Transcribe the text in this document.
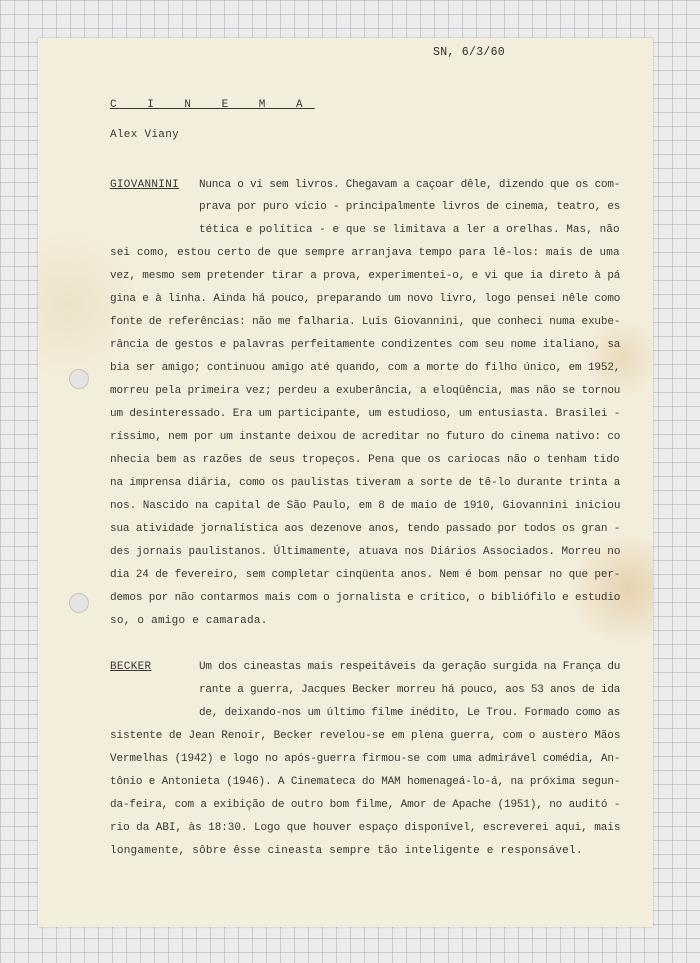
SN, 6/3/60
C I N E M A
Alex Viany
GIOVANNINI Nunca o vi sem livros. Chegavam a caçoar dêle, dizendo que os com-
prava por puro vício - principalmente livros de cinema, teatro, es
tética e política - e que se limitava a ler a orelhas. Mas, não
sei como, estou certo de que sempre arranjava tempo para lê-los: mais de uma
vez, mesmo sem pretender tirar a prova, experimentei-o, e vi que ia direto à pá
gina e à linha. Ainda há pouco, preparando um novo livro, logo pensei nêle como
fonte de referências: não me falharia. Luís Giovannini, que conheci numa exube-
rância de gestos e palavras perfeitamente condizentes com seu nome italiano, sa
bia ser amigo; continuou amigo até quando, com a morte do filho único, em 1952,
morreu pela primeira vez; perdeu a exuberância, a eloqüência, mas não se tornou
um desinteressado. Era um participante, um estudioso, um entusiasta. Brasilei -
ríssimo, nem por um instante deixou de acreditar no futuro do cinema nativo: co
nhecia bem as razões de seus tropeços. Pena que os cariocas não o tenham tido
na imprensa diária, como os paulistas tiveram a sorte de tê-lo durante trinta a
nos. Nascido na capital de São Paulo, em 8 de maio de 1910, Giovannini iniciou
sua atividade jornalística aos dezenove anos, tendo passado por todos os gran -
des jornais paulistanos. Últimamente, atuava nos Diários Associados. Morreu no
dia 24 de fevereiro, sem completar cinqüenta anos. Nem é bom pensar no que per-
demos por não contarmos mais com o jornalista e crítico, o bibliófilo e estudio
so, o amigo e camarada.
BECKER	Um dos cineastas mais respeitáveis da geração surgida na França du
rante a guerra, Jacques Becker morreu há pouco, aos 53 anos de ida
de, deixando-nos um último filme inédito, Le Trou. Formado como as
sistente de Jean Renoir, Becker revelou-se em plena guerra, com o austero Mãos
Vermelhas (1942) e logo no após-guerra firmou-se com uma admirável comédia, An-
tônio e Antonieta (1946). A Cinemateca do MAM homenageá-lo-á, na próxima segun-
da-feira, com a exibição de outro bom filme, Amor de Apache (1951), no auditó -
rio da ABI, às 18:30. Logo que houver espaço disponível, escreverei aqui, mais
longamente, sôbre êsse cineasta sempre tão inteligente e responsável.
